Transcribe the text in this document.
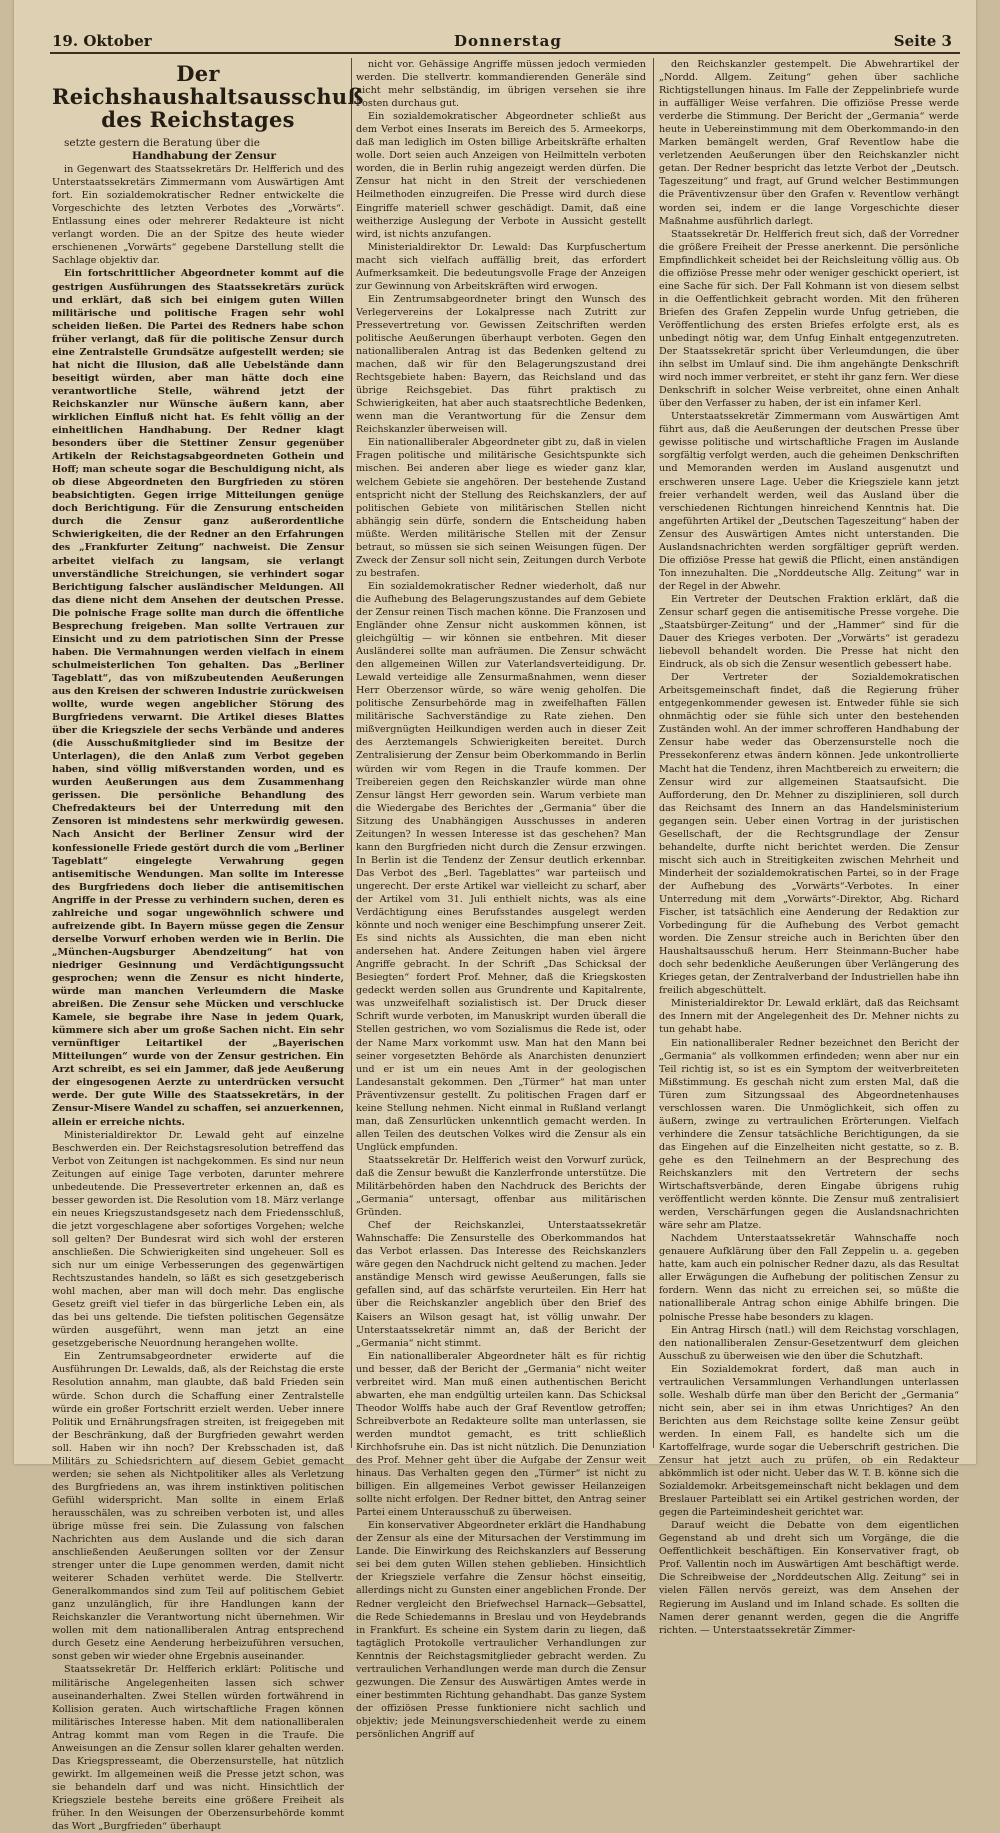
19. Oktober	Donnerstag	Seite 3
Der Reichshaushaltsausschuß des Reichstages

setzte gestern die Beratung über die

Handhabung der Zensur

in Gegenwart des Staatssekretärs Dr. Helfferich und des Unterstaatssekretärs Zimmermann vom Auswärtigen Amt fort. Ein sozialdemokratischer Redner entwickelte die Vorgeschichte des letzten Verbotes des „Vorwärts“. Entlassung eines oder mehrerer Redakteure ist nicht verlangt worden. Die an der Spitze des heute wieder erschienenen „Vorwärts“ gegebene Darstellung stellt die Sachlage objektiv dar.

Ein fortschrittlicher Abgeordneter kommt auf die gestrigen Ausführungen des Staatssekretärs zurück und erklärt, daß sich bei einigem guten Willen militärische und politische Fragen sehr wohl scheiden ließen. Die Partei des Redners habe schon früher verlangt, daß für die politische Zensur durch eine Zentralstelle Grundsätze aufgestellt werden; sie hat nicht die Illusion, daß alle Uebelstände dann beseitigt würden, aber man hätte doch eine verantwortliche Stelle, während jetzt der Reichskanzler nur Wünsche äußern kann, aber wirklichen Einfluß nicht hat. Es fehlt völlig an der einheitlichen Handhabung. Der Redner klagt besonders über die Stettiner Zensur gegenüber Artikeln der Reichstagsabgeordneten Gothein und Hoff; man scheute sogar die Beschuldigung nicht, als ob diese Abgeordneten den Burgfrieden zu stören beabsichtigten. Gegen irrige Mitteilungen genüge doch Berichtigung. Für die Zensurung entscheiden durch die Zensur ganz außerordentliche Schwierigkeiten, die der Redner an den Erfahrungen des „Frankfurter Zeitung“ nachweist. Die Zensur arbeitet vielfach zu langsam, sie verlangt unverständliche Streichungen, sie verhindert sogar Berichtigung falscher ausländischer Meldungen. All das diene nicht dem Ansehen der deutschen Presse. Die polnische Frage sollte man durch die öffentliche Besprechung freigeben. Man sollte Vertrauen zur Einsicht und zu dem patriotischen Sinn der Presse haben. Die Vermahnungen werden vielfach in einem schulmeisterlichen Ton gehalten. Das „Berliner Tageblatt“, das von mißzubeutenden Aeußerungen aus den Kreisen der schweren Industrie zurückweisen wollte, wurde wegen angeblicher Störung des Burgfriedens verwarnt. Die Artikel dieses Blattes über die Kriegsziele der sechs Verbände und anderes (die Ausschußmitglieder sind im Besitze der Unterlagen), die den Anlaß zum Verbot gegeben haben, sind völlig mißverstanden worden, und es wurden Aeußerungen aus dem Zusammenhang gerissen. Die persönliche Behandlung des Chefredakteurs bei der Unterredung mit den Zensoren ist mindestens sehr merkwürdig gewesen. Nach Ansicht der Berliner Zensur wird der konfessionelle Friede gestört durch die vom „Berliner Tageblatt“ eingelegte Verwahrung gegen antisemitische Wendungen. Man sollte im Interesse des Burgfriedens doch lieber die antisemitischen Angriffe in der Presse zu verhindern suchen, deren es zahlreiche und sogar ungewöhnlich schwere und aufreizende gibt. In Bayern müsse gegen die Zensur derselbe Vorwurf erhoben werden wie in Berlin. Die „München-Augsburger Abendzeitung“ hat von niedriger Gesinnung und Verdächtigungssucht gesprochen; wenn die Zensur es nicht hinderte, würde man manchen Verleumdern die Maske abreißen. Die Zensur sehe Mücken und verschlucke Kamele, sie begrabe ihre Nase in jedem Quark, kümmere sich aber um große Sachen nicht. Ein sehr vernünftiger Leitartikel der „Bayerischen Mitteilungen“ wurde von der Zensur gestrichen. Ein Arzt schreibt, es sei ein Jammer, daß jede Aeußerung der eingesogenen Aerzte zu unterdrücken versucht werde. Der gute Wille des Staatssekretärs, in der Zensur-Misere Wandel zu schaffen, sei anzuerkennen, allein er erreiche nichts.

Ministerialdirektor Dr. Lewald geht auf einzelne Beschwerden ein. Der Reichstagsresolution betreffend das Verbot von Zeitungen ist nachgekommen. Es sind nur neun Zeitungen auf einige Tage verboten, darunter mehrere unbedeutende. Die Pressevertreter erkennen an, daß es besser geworden ist. Die Resolution vom 18. März verlange ein neues Kriegszustandsgesetz nach dem Friedensschluß, die jetzt vorgeschlagene aber sofortiges Vorgehen; welche soll gelten? Der Bundesrat wird sich wohl der ersteren anschließen. Die Schwierigkeiten sind ungeheuer. Soll es sich nur um einige Verbesserungen des gegenwärtigen Rechtszustandes handeln, so läßt es sich gesetzgeberisch wohl machen, aber man will doch mehr. Das englische Gesetz greift viel tiefer in das bürgerliche Leben ein, als das bei uns geltende. Die tiefsten politischen Gegensätze würden ausgeführt, wenn man jetzt an eine gesetzgeberische Neuordnung herangehen wollte.

Ein Zentrumsabgeordneter erwiderte auf die Ausführungen Dr. Lewalds, daß, als der Reichstag die erste Resolution annahm, man glaubte, daß bald Frieden sein würde. Schon durch die Schaffung einer Zentralstelle würde ein großer Fortschritt erzielt werden. Ueber innere Politik und Ernährungsfragen streiten, ist freigegeben mit der Beschränkung, daß der Burgfrieden gewahrt werden soll. Haben wir ihn noch? Der Krebsschaden ist, daß Militärs zu Schiedsrichtern auf diesem Gebiet gemacht werden; sie sehen als Nichtpolitiker alles als Verletzung des Burgfriedens an, was ihrem instinktiven politischen Gefühl widerspricht. Man sollte in einem Erlaß herausschälen, was zu schreiben verboten ist, und alles übrige müsse frei sein. Die Zulassung von falschen Nachrichten aus dem Auslande und die sich daran anschließenden Aeußerungen sollten vor der Zensur strenger unter die Lupe genommen werden, damit nicht weiterer Schaden verhütet werde. Die Stellvertr. Generalkommandos sind zum Teil auf politischem Gebiet ganz unzulänglich, für ihre Handlungen kann der Reichskanzler die Verantwortung nicht übernehmen. Wir wollen mit dem nationalliberalen Antrag entsprechend durch Gesetz eine Aenderung herbeizuführen versuchen, sonst geben wir wieder ohne Ergebnis auseinander.

Staatssekretär Dr. Helfferich erklärt: Politische und militärische Angelegenheiten lassen sich schwer auseinanderhalten. Zwei Stellen würden fortwährend in Kollision geraten. Auch wirtschaftliche Fragen können militärisches Interesse haben. Mit dem nationalliberalen Antrag kommt man vom Regen in die Traufe. Die Anweisungen an die Zensur sollen klarer gehalten werden. Das Kriegspresseamt, die Oberzensurstelle, hat nützlich gewirkt. Im allgemeinen weiß die Presse jetzt schon, was sie behandeln darf und was nicht. Hinsichtlich der Kriegsziele bestehe bereits eine größere Freiheit als früher. In den Weisungen der Oberzensurbehörde kommt das Wort „Burgfrieden“ überhaupt

nicht vor. Gehässige Angriffe müssen jedoch vermieden werden. Die stellvertr. kommandierenden Generäle sind nicht mehr selbständig, im übrigen versehen sie ihre Posten durchaus gut.

Ein sozialdemokratischer Abgeordneter schließt aus dem Verbot eines Inserats im Bereich des 5. Armeekorps, daß man lediglich im Osten billige Arbeitskräfte erhalten wolle. Dort seien auch Anzeigen von Heilmitteln verboten worden, die in Berlin ruhig angezeigt werden dürfen. Die Zensur hat nicht in den Streit der verschiedenen Heilmethoden einzugreifen. Die Presse wird durch diese Eingriffe materiell schwer geschädigt. Damit, daß eine weitherzige Auslegung der Verbote in Aussicht gestellt wird, ist nichts anzufangen.

Ministerialdirektor Dr. Lewald: Das Kurpfuschertum macht sich vielfach auffällig breit, das erfordert Aufmerksamkeit. Die bedeutungsvolle Frage der Anzeigen zur Gewinnung von Arbeitskräften wird erwogen.

Ein Zentrumsabgeordneter bringt den Wunsch des Verlegervereins der Lokalpresse nach Zutritt zur Pressevertretung vor. Gewissen Zeitschriften werden politische Aeußerungen überhaupt verboten. Gegen den nationalliberalen Antrag ist das Bedenken geltend zu machen, daß wir für den Belagerungszustand drei Rechtsgebiete haben: Bayern, das Reichsland und das übrige Reichsgebiet. Das führt praktisch zu Schwierigkeiten, hat aber auch staatsrechtliche Bedenken, wenn man die Verantwortung für die Zensur dem Reichskanzler überweisen will.

Ein nationalliberaler Abgeordneter gibt zu, daß in vielen Fragen politische und militärische Gesichtspunkte sich mischen. Bei anderen aber liege es wieder ganz klar, welchem Gebiete sie angehören. Der bestehende Zustand entspricht nicht der Stellung des Reichskanzlers, der auf politischen Gebiete von militärischen Stellen nicht abhängig sein dürfe, sondern die Entscheidung haben müßte. Werden militärische Stellen mit der Zensur betraut, so müssen sie sich seinen Weisungen fügen. Der Zweck der Zensur soll nicht sein, Zeitungen durch Verbote zu bestrafen.

Ein sozialdemokratischer Redner wiederholt, daß nur die Aufhebung des Belagerungszustandes auf dem Gebiete der Zensur reinen Tisch machen könne. Die Franzosen und Engländer ohne Zensur nicht auskommen können, ist gleichgültig — wir können sie entbehren. Mit dieser Ausländerei sollte man aufräumen. Die Zensur schwächt den allgemeinen Willen zur Vaterlandsverteidigung. Dr. Lewald verteidige alle Zensurmaßnahmen, wenn dieser Herr Oberzensor würde, so wäre wenig geholfen. Die politische Zensurbehörde mag in zweifelhaften Fällen militärische Sachverständige zu Rate ziehen. Den mißvergnügten Heilkundigen werden auch in dieser Zeit des Aerztemangels Schwierigkeiten bereitet. Durch Zentralisierung der Zensur beim Oberkommando in Berlin würden wir vom Regen in die Traufe kommen. Der Treibereien gegen den Reichskanzler würde man ohne Zensur längst Herr geworden sein. Warum verbiete man die Wiedergabe des Berichtes der „Germania“ über die Sitzung des Unabhängigen Ausschusses in anderen Zeitungen? In wessen Interesse ist das geschehen? Man kann den Burgfrieden nicht durch die Zensur erzwingen. In Berlin ist die Tendenz der Zensur deutlich erkennbar. Das Verbot des „Berl. Tageblattes“ war parteiisch und ungerecht. Der erste Artikel war vielleicht zu scharf, aber der Artikel vom 31. Juli enthielt nichts, was als eine Verdächtigung eines Berufsstandes ausgelegt werden könnte und noch weniger eine Beschimpfung unserer Zeit. Es sind nichts als Aussichten, die man eben nicht andersehen hat. Andere Zeitungen haben viel ärgere Angriffe gebracht. In der Schrift „Das Schicksal der Besiegten“ fordert Prof. Mehner, daß die Kriegskosten gedeckt werden sollen aus Grundrente und Kapitalrente, was unzweifelhaft sozialistisch ist. Der Druck dieser Schrift wurde verboten, im Manuskript wurden überall die Stellen gestrichen, wo vom Sozialismus die Rede ist, oder der Name Marx vorkommt usw. Man hat den Mann bei seiner vorgesetzten Behörde als Anarchisten denunziert und er ist um ein neues Amt in der geologischen Landesanstalt gekommen. Den „Türmer“ hat man unter Präventivzensur gestellt. Zu politischen Fragen darf er keine Stellung nehmen. Nicht einmal in Rußland verlangt man, daß Zensurlücken unkenntlich gemacht werden. In allen Teilen des deutschen Volkes wird die Zensur als ein Unglück empfunden.

Staatssekretär Dr. Helfferich weist den Vorwurf zurück, daß die Zensur bewußt die Kanzlerfronde unterstütze. Die Militärbehörden haben den Nachdruck des Berichts der „Germania“ untersagt, offenbar aus militärischen Gründen.

Chef der Reichskanzlei, Unterstaatssekretär Wahnschaffe: Die Zensurstelle des Oberkommandos hat das Verbot erlassen. Das Interesse des Reichskanzlers wäre gegen den Nachdruck nicht geltend zu machen. Jeder anständige Mensch wird gewisse Aeußerungen, falls sie gefallen sind, auf das schärfste verurteilen. Ein Herr hat über die Reichskanzler angeblich über den Brief des Kaisers an Wilson gesagt hat, ist völlig unwahr. Der Unterstaatssekretär nimmt an, daß der Bericht der „Germania“ nicht stimmt.

Ein nationalliberaler Abgeordneter hält es für richtig und besser, daß der Bericht der „Germania“ nicht weiter verbreitet wird. Man muß einen authentischen Bericht abwarten, ehe man endgültig urteilen kann. Das Schicksal Theodor Wolffs habe auch der Graf Reventlow getroffen; Schreibverbote an Redakteure sollte man unterlassen, sie werden mundtot gemacht, es tritt schließlich Kirchhofsruhe ein. Das ist nicht nützlich. Die Denunziation des Prof. Mehner geht über die Aufgabe der Zensur weit hinaus. Das Verhalten gegen den „Türmer“ ist nicht zu billigen. Ein allgemeines Verbot gewisser Heilanzeigen sollte nicht erfolgen. Der Redner bittet, den Antrag seiner Partei einem Unterausschuß zu überweisen.

Ein konservativer Abgeordneter erklärt die Handhabung der Zensur als eine der Mitursachen der Verstimmung im Lande. Die Einwirkung des Reichskanzlers auf Besserung sei bei dem guten Willen stehen geblieben. Hinsichtlich der Kriegsziele verfahre die Zensur höchst einseitig, allerdings nicht zu Gunsten einer angeblichen Fronde. Der Redner vergleicht den Briefwechsel Harnack—Gebsattel, die Rede Schiedemanns in Breslau und von Heydebrands in Frankfurt. Es scheine ein System darin zu liegen, daß tagtäglich Protokolle vertraulicher Verhandlungen zur Kenntnis der Reichstagsmitglieder gebracht werden. Zu vertraulichen Verhandlungen werde man durch die Zensur gezwungen. Die Zensur des Auswärtigen Amtes werde in einer bestimmten Richtung gehandhabt. Das ganze System der offiziösen Presse funktioniere nicht sachlich und objektiv; jede Meinungsverschiedenheit werde zu einem persönlichen Angriff auf

den Reichskanzler gestempelt. Die Abwehrartikel der „Nordd. Allgem. Zeitung“ gehen über sachliche Richtigstellungen hinaus. Im Falle der Zeppelinbriefe wurde in auffälliger Weise verfahren. Die offiziöse Presse werde verderbe die Stimmung. Der Bericht der „Germania“ werde heute in Uebereinstimmung mit dem Oberkommando-in den Marken bemängelt werden, Graf Reventlow habe die verletzenden Aeußerungen über den Reichskanzler nicht getan. Der Redner bespricht das letzte Verbot der „Deutsch. Tageszeitung“ und fragt, auf Grund welcher Bestimmungen die Präventivzensur über den Grafen v. Reventlow verhängt worden sei, indem er die lange Vorgeschichte dieser Maßnahme ausführlich darlegt.

Staatssekretär Dr. Helfferich freut sich, daß der Vorredner die größere Freiheit der Presse anerkennt. Die persönliche Empfindlichkeit scheidet bei der Reichsleitung völlig aus. Ob die offiziöse Presse mehr oder weniger geschickt operiert, ist eine Sache für sich. Der Fall Kohmann ist von diesem selbst in die Oeffentlichkeit gebracht worden. Mit den früheren Briefen des Grafen Zeppelin wurde Unfug getrieben, die Veröffentlichung des ersten Briefes erfolgte erst, als es unbedingt nötig war, dem Unfug Einhalt entgegenzutreten. Der Staatssekretär spricht über Verleumdungen, die über ihn selbst im Umlauf sind. Die ihm angehängte Denkschrift wird noch immer verbreitet, er steht ihr ganz fern. Wer diese Denkschrift in solcher Weise verbreitet, ohne einen Anhalt über den Verfasser zu haben, der ist ein infamer Kerl.

Unterstaatssekretär Zimmermann vom Auswärtigen Amt führt aus, daß die Aeußerungen der deutschen Presse über gewisse politische und wirtschaftliche Fragen im Auslande sorgfältig verfolgt werden, auch die geheimen Denkschriften und Memoranden werden im Ausland ausgenutzt und erschweren unsere Lage. Ueber die Kriegsziele kann jetzt freier verhandelt werden, weil das Ausland über die verschiedenen Richtungen hinreichend Kenntnis hat. Die angeführten Artikel der „Deutschen Tageszeitung“ haben der Zensur des Auswärtigen Amtes nicht unterstanden. Die Auslandsnachrichten werden sorgfältiger geprüft werden. Die offiziöse Presse hat gewiß die Pflicht, einen anständigen Ton innezuhalten. Die „Norddeutsche Allg. Zeitung“ war in der Regel in der Abwehr.

Ein Vertreter der Deutschen Fraktion erklärt, daß die Zensur scharf gegen die antisemitische Presse vorgehe. Die „Staatsbürger-Zeitung“ und der „Hammer“ sind für die Dauer des Krieges verboten. Der „Vorwärts“ ist geradezu liebevoll behandelt worden. Die Presse hat nicht den Eindruck, als ob sich die Zensur wesentlich gebessert habe.

Der Vertreter der Sozialdemokratischen Arbeitsgemeinschaft findet, daß die Regierung früher entgegenkommender gewesen ist. Entweder fühle sie sich ohnmächtig oder sie fühle sich unter den bestehenden Zuständen wohl. An der immer schrofferen Handhabung der Zensur habe weder das Oberzensurstelle noch die Pressekonferenz etwas ändern können. Jede unkontrollierte Macht hat die Tendenz, ihren Machtbereich zu erweitern; die Zensur wird zur allgemeinen Staatsaufsicht. Die Aufforderung, den Dr. Mehner zu disziplinieren, soll durch das Reichsamt des Innern an das Handelsministerium gegangen sein. Ueber einen Vortrag in der juristischen Gesellschaft, der die Rechtsgrundlage der Zensur behandelte, durfte nicht berichtet werden. Die Zensur mischt sich auch in Streitigkeiten zwischen Mehrheit und Minderheit der sozialdemokratischen Partei, so in der Frage der Aufhebung des „Vorwärts“-Verbotes. In einer Unterredung mit dem „Vorwärts“-Direktor, Abg. Richard Fischer, ist tatsächlich eine Aenderung der Redaktion zur Vorbedingung für die Aufhebung des Verbot gemacht worden. Die Zensur streiche auch in Berichten über den Haushaltsausschuß herum. Herr Steinmann-Bucher habe doch sehr bedenkliche Aeußerungen über Verlängerung des Krieges getan, der Zentralverband der Industriellen habe ihn freilich abgeschüttelt.

Ministerialdirektor Dr. Lewald erklärt, daß das Reichsamt des Innern mit der Angelegenheit des Dr. Mehner nichts zu tun gehabt habe.

Ein nationalliberaler Redner bezeichnet den Bericht der „Germania“ als vollkommen erfindeden; wenn aber nur ein Teil richtig ist, so ist es ein Symptom der weitverbreiteten Mißstimmung. Es geschah nicht zum ersten Mal, daß die Türen zum Sitzungssaal des Abgeordnetenhauses verschlossen waren. Die Unmöglichkeit, sich offen zu äußern, zwinge zu vertraulichen Erörterungen. Vielfach verhindere die Zensur tatsächliche Berichtigungen, da sie das Eingehen auf die Einzelheiten nicht gestatte, so z. B. gehe es den Teilnehmern an der Besprechung des Reichskanzlers mit den Vertretern der sechs Wirtschaftsverbände, deren Eingabe übrigens ruhig veröffentlicht werden könnte. Die Zensur muß zentralisiert werden, Verschärfungen gegen die Auslandsnachrichten wäre sehr am Platze.

Nachdem Unterstaatssekretär Wahnschaffe noch genauere Aufklärung über den Fall Zeppelin u. a. gegeben hatte, kam auch ein polnischer Redner dazu, als das Resultat aller Erwägungen die Aufhebung der politischen Zensur zu fordern. Wenn das nicht zu erreichen sei, so müßte die nationalliberale Antrag schon einige Abhilfe bringen. Die polnische Presse habe besonders zu klagen.

Ein Antrag Hirsch (natl.) will dem Reichstag vorschlagen, den nationalliberalen Zensur-Gesetzentwurf dem gleichen Ausschuß zu überweisen wie den über die Schutzhaft.

Ein Sozialdemokrat fordert, daß man auch in vertraulichen Versammlungen Verhandlungen unterlassen solle. Weshalb dürfe man über den Bericht der „Germania“ nicht sein, aber sei in ihm etwas Unrichtiges? An den Berichten aus dem Reichstage sollte keine Zensur geübt werden. In einem Fall, es handelte sich um die Kartoffelfrage, wurde sogar die Ueberschrift gestrichen. Die Zensur hat jetzt auch zu prüfen, ob ein Redakteur abkömmlich ist oder nicht. Ueber das W. T. B. könne sich die Sozialdemokr. Arbeitsgemeinschaft nicht beklagen und dem Breslauer Parteiblatt sei ein Artikel gestrichen worden, der gegen die Parteimindesheit gerichtet war.

Darauf weicht die Debatte von dem eigentlichen Gegenstand ab und dreht sich um Vorgänge, die die Oeffentlichkeit beschäftigen. Ein Konservativer fragt, ob Prof. Vallentin noch im Auswärtigen Amt beschäftigt werde. Die Schreibweise der „Norddeutschen Allg. Zeitung“ sei in vielen Fällen nervös gereizt, was dem Ansehen der Regierung im Ausland und im Inland schade. Es sollten die Namen derer genannt werden, gegen die die Angriffe richten. — Unterstaatssekretär Zimmer-
